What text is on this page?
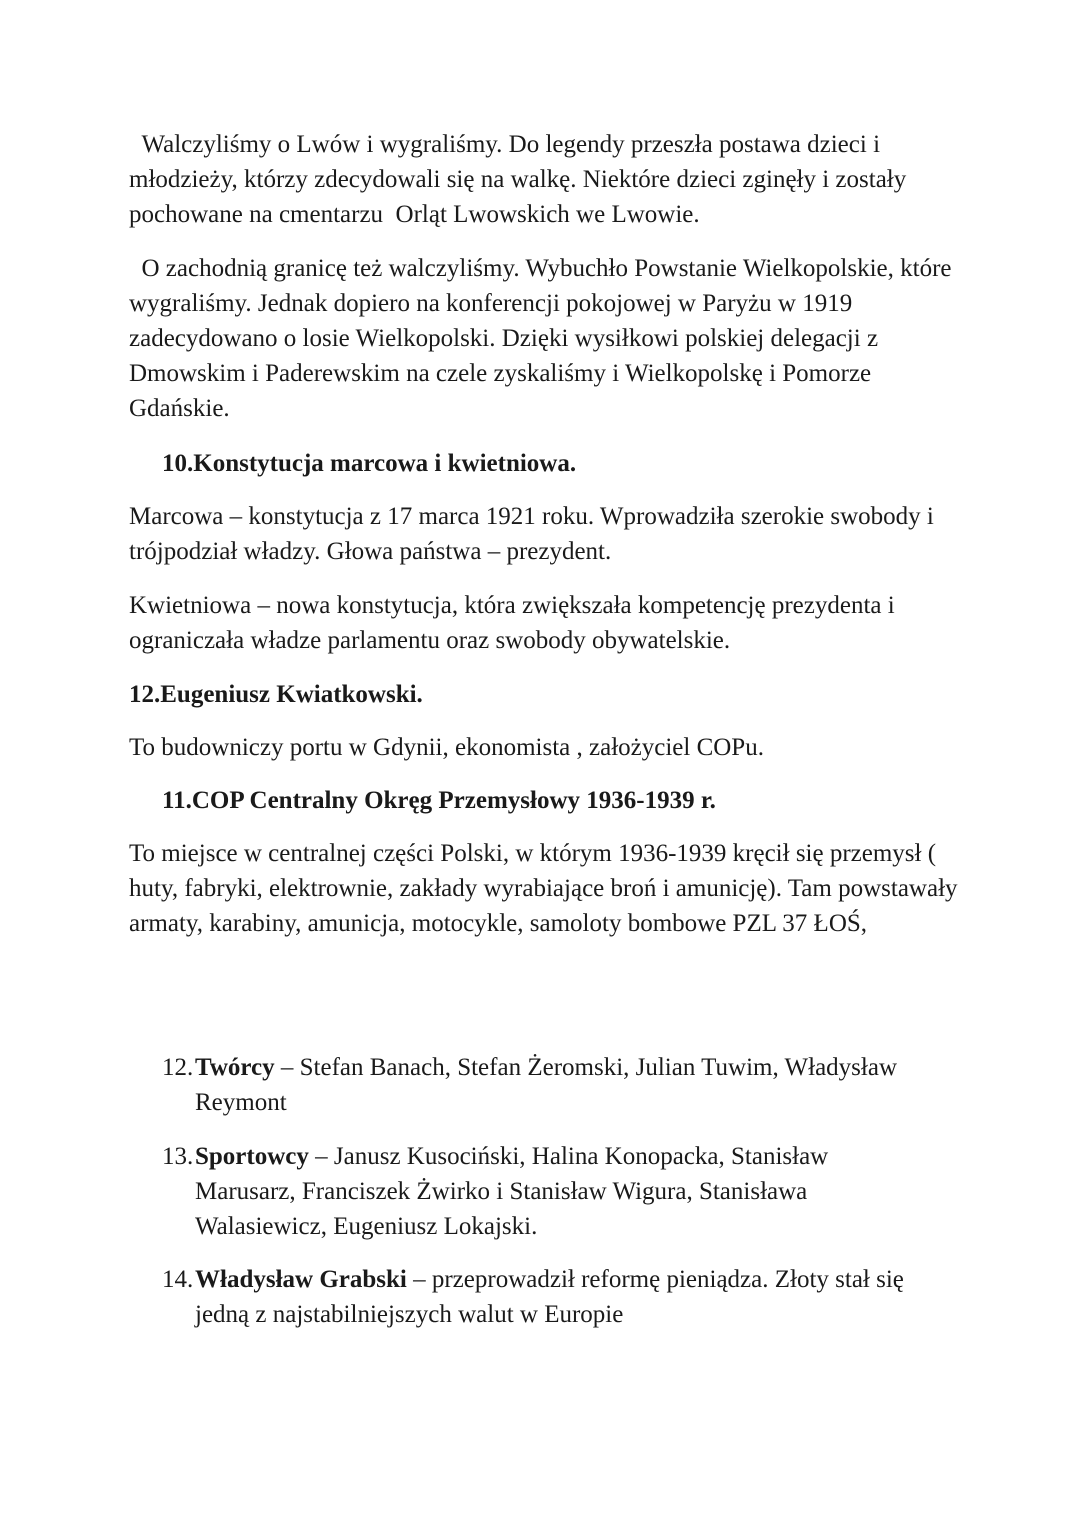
Walczyliśmy o Lwów i wygraliśmy. Do legendy przeszła postawa dzieci i młodzieży, którzy zdecydowali się na walkę. Niektóre dzieci zginęły i zostały pochowane na cmentarzu  Orląt Lwowskich we Lwowie.

O zachodnią granicę też walczyliśmy. Wybuchło Powstanie Wielkopolskie, które wygraliśmy. Jednak dopiero na konferencji pokojowej w Paryżu w 1919 zadecydowano o losie Wielkopolski. Dzięki wysiłkowi polskiej delegacji z Dmowskim i Paderewskim na czele zyskaliśmy i Wielkopolskę i Pomorze Gdańskie.

10.Konstytucja marcowa i kwietniowa.

Marcowa – konstytucja z 17 marca 1921 roku. Wprowadziła szerokie swobody i trójpodział władzy. Głowa państwa – prezydent.

Kwietniowa – nowa konstytucja, która zwiększała kompetencję prezydenta i ograniczała władze parlamentu oraz swobody obywatelskie.

12.Eugeniusz Kwiatkowski.

To budowniczy portu w Gdynii, ekonomista , założyciel COPu.

11.COP Centralny Okręg Przemysłowy 1936-1939 r.

To miejsce w centralnej części Polski, w którym 1936-1939 kręcił się przemysł ( huty, fabryki, elektrownie, zakłady wyrabiające broń i amunicję). Tam powstawały armaty, karabiny, amunicja, motocykle, samoloty bombowe PZL 37 ŁOŚ,

12. Twórcy – Stefan Banach, Stefan Żeromski, Julian Tuwim, Władysław Reymont
13. Sportowcy – Janusz Kusociński, Halina Konopacka, Stanisław Marusarz, Franciszek Żwirko i Stanisław Wigura, Stanisława Walasiewicz, Eugeniusz Lokajski.
14. Władysław Grabski – przeprowadził reformę pieniądza. Złoty stał się jedną z najstabilniejszych walut w Europie
